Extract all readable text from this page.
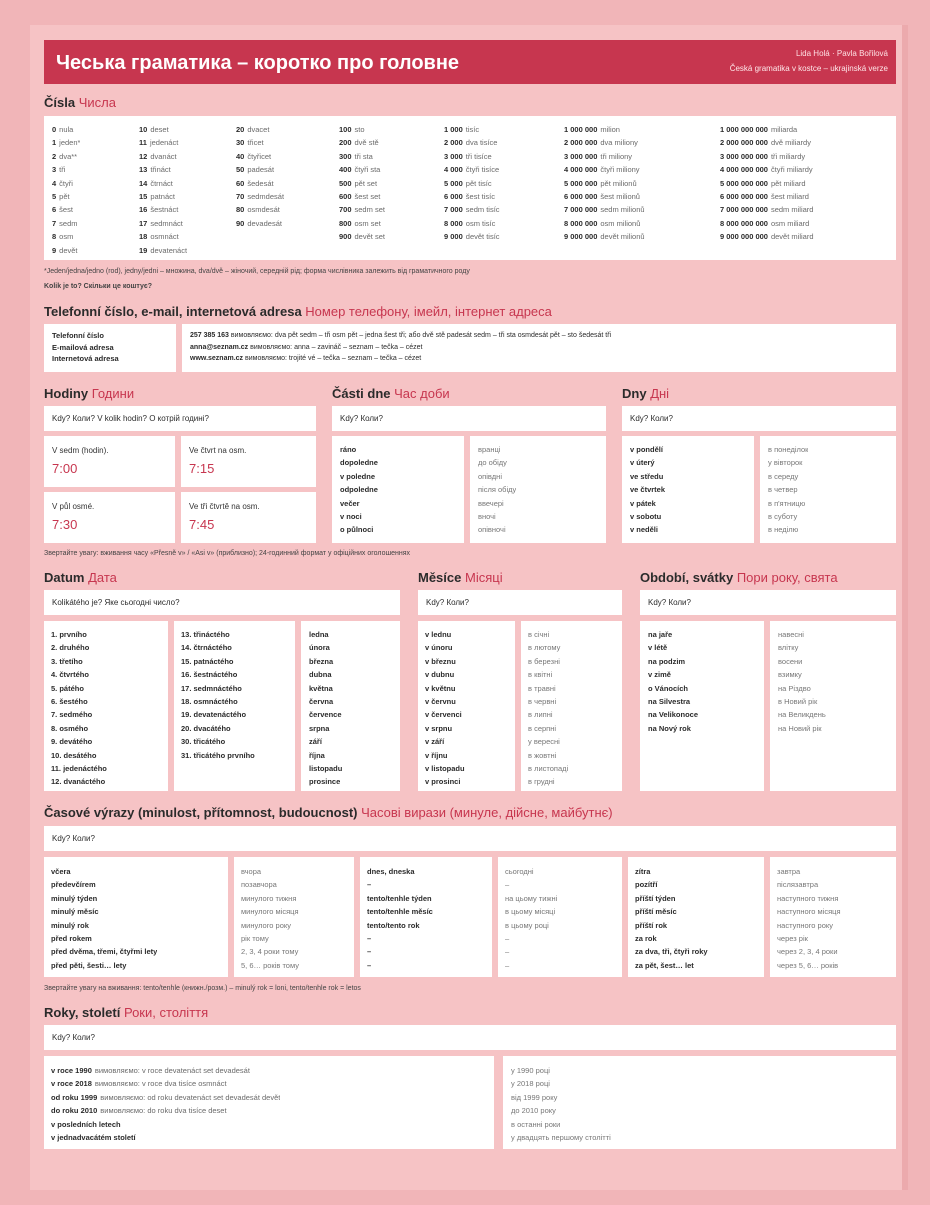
Чеська граматика – коротко про головне	Lida Holá · Pavla Bořilová
Česká gramatika v kostce – ukrajinská verze
Čísla Числа
0 nula
1 jeden*
2 dva**
3 tři
4 čtyři
5 pět
6 šest
7 sedm
8 osm
9 devět
10 deset
11 jedenáct
12 dvanáct
13 třináct
14 čtrnáct
15 patnáct
16 šestnáct
17 sedmnáct
18 osmnáct
19 devatenáct
20 dvacet
30 třicet
40 čtyřicet
50 padesát
60 šedesát
70 sedmdesát
80 osmdesát
90 devadesát
100 sto
200 dvě stě
300 tři sta
400 čtyři sta
500 pět set
600 šest set
700 sedm set
800 osm set
900 devět set
1 000 tisíc
2 000 dva tisíce
3 000 tři tisíce
4 000 čtyři tisíce
5 000 pět tisíc
6 000 šest tisíc
7 000 sedm tisíc
8 000 osm tisíc
9 000 devět tisíc
1 000 000 milion
2 000 000 dva miliony
3 000 000 tři miliony
4 000 000 čtyři miliony
5 000 000 pět milionů
6 000 000 šest milionů
7 000 000 sedm milionů
8 000 000 osm milionů
9 000 000 devět milionů
1 000 000 000 miliarda
2 000 000 000 dvě miliardy
3 000 000 000 tři miliardy
4 000 000 000 čtyři miliardy
5 000 000 000 pět miliard
6 000 000 000 šest miliard
7 000 000 000 sedm miliard
8 000 000 000 osm miliard
9 000 000 000 devět miliard
*Jeden/jedna/jedno (rod), jedny/jedni – множина, dva/dvě – жіночий, середній рід; форма числівника залежить від граматичного роду
Kolik je to? Скільки це коштує?
Telefonní číslo, e-mail, internetová adresa Номер телефону, імейл, інтернет адреса
Telefonní číslo
E-mailová adresa
Internetová adresa
257 385 163 вимовляємо: dva pět sedm – tři osm pět – jedna šest tři; або dvě stě padesát sedm – tři sta osmdesát pět – sto šedesát tři
anna@seznam.cz вимовляємо: anna – zavináč – seznam – tečka – cézet
www.seznam.cz вимовляємо: trojité vé – tečka – seznam – tečka – cézet
Hodiny Години
Kdy? Коли? V kolik hodin? О котрій годині?
V sedm (hodin).
7:00
Ve čtvrt na osm.
7:15
V půl osmé.
7:30
Ve tři čtvrtě na osm.
7:45
Části dne Час доби
Kdy? Коли?
ráno
dopoledne
v poledne
odpoledne
večer
v noci
o půlnoci
вранці
до обіду
опівдні
після обіду
ввечері
вночі
опівночі
Dny Дні
Kdy? Коли?
v pondělí
v úterý
ve středu
ve čtvrtek
v pátek
v sobotu
v neděli
в понеділок
у вівторок
в середу
в четвер
в п'ятницю
в суботу
в неділю
Звертайте увагу: вживання часу «Přesně v» / «Asi v» (приблизно); 24-годинний формат у офіційних оголошеннях
Datum Дата
Kolikátého je? Яке сьогодні число?
1. prvního
2. druhého
3. třetího
4. čtvrtého
5. pátého
6. šestého
7. sedmého
8. osmého
9. devátého
10. desátého
11. jedenáctého
12. dvanáctého
13. třináctého
14. čtrnáctého
15. patnáctého
16. šestnáctého
17. sedmnáctého
18. osmnáctého
19. devatenáctého
20. dvacátého
30. třicátého
31. třicátého prvního
ledna
února
března
dubna
května
června
července
srpna
září
října
listopadu
prosince
Měsíce Місяці
Kdy? Коли?
v lednu
v únoru
v březnu
v dubnu
v květnu
v červnu
v červenci
v srpnu
v září
v říjnu
v listopadu
v prosinci
в січні
в лютому
в березні
в квітні
в травні
в червні
в липні
в серпні
у вересні
в жовтні
в листопаді
в грудні
Období, svátky Пори року, свята
Kdy? Коли?
na jaře
v létě
na podzim
v zimě
o Vánocích
na Silvestra
na Velikonoce
na Nový rok
навесні
влітку
восени
взимку
на Різдво
в Новий рік
на Великдень
на Новий рік
Časové výrazy (minulost, přítomnost, budoucnost) Часові вирази (минуле, дійсне, майбутнє)
Kdy? Коли?
včera
předevčírem
minulý týden
minulý měsíc
minulý rok
před rokem
před dvěma, třemi, čtyřmi lety
před pěti, šesti… lety
вчора
позавчора
минулого тижня
минулого місяця
минулого року
рік тому
2, 3, 4 роки тому
5, 6… років тому
dnes, dneska
–
tento/tenhle týden
tento/tenhle měsíc
tento/tento rok
–
–
–
сьогодні
–
на цьому тижні
в цьому місяці
в цьому році
–
–
–
zítra
pozítří
příští týden
příští měsíc
příští rok
za rok
za dva, tři, čtyři roky
za pět, šest… let
завтра
післязавтра
наступного тижня
наступного місяця
наступного року
через рік
через 2, 3, 4 роки
через 5, 6… років
Звертайте увагу на вживання: tento/tenhle (книжн./розм.) – minulý rok = loni, tento/tenhle rok = letos
Roky, století Роки, століття
Kdy? Коли?
v roce 1990 вимовляємо: v roce devatenáct set devadesát
v roce 2018 вимовляємо: v roce dva tisíce osmnáct
od roku 1999 вимовляємо: od roku devatenáct set devadesát devět
do roku 2010 вимовляємо: do roku dva tisíce deset
v posledních letech
v jednadvacátém století
у 1990 році
у 2018 році
від 1999 року
до 2010 року
в останні роки
у двадцять першому столітті
